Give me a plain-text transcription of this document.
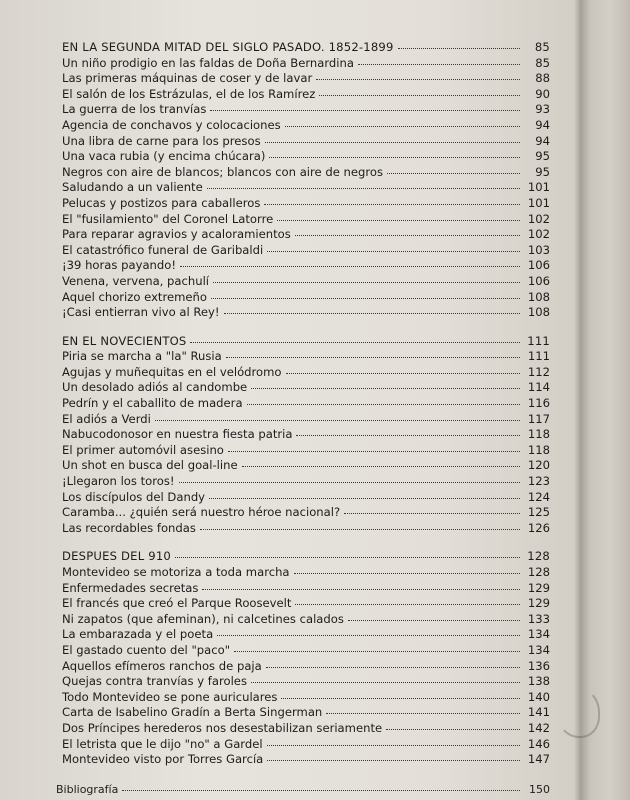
EN LA SEGUNDA MITAD DEL SIGLO PASADO. 1852-1899	85
Un niño prodigio en las faldas de Doña Bernardina	85
Las primeras máquinas de coser y de lavar	88
El salón de los Estrázulas, el de los Ramírez	90
La guerra de los tranvías	93
Agencia de conchavos y colocaciones	94
Una libra de carne para los presos	94
Una vaca rubia (y encima chúcara)	95
Negros con aire de blancos; blancos con aire de negros	95
Saludando a un valiente	101
Pelucas y postizos para caballeros	101
El "fusilamiento" del Coronel Latorre	102
Para reparar agravios y acaloramientos	102
El catastrófico funeral de Garibaldi	103
¡39 horas payando!	106
Venena, vervena, pachulí	106
Aquel chorizo extremeño	108
¡Casi entierran vivo al Rey!	108
EN EL NOVECIENTOS	111
Piria se marcha a "la" Rusia	111
Agujas y muñequitas en el velódromo	112
Un desolado adiós al candombe	114
Pedrín y el caballito de madera	116
El adiós a Verdi	117
Nabucodonosor en nuestra fiesta patria	118
El primer automóvil asesino	118
Un shot en busca del goal-line	120
¡Llegaron los toros!	123
Los discípulos del Dandy	124
Caramba... ¿quién será nuestro héroe nacional?	125
Las recordables fondas	126
DESPUES DEL 910	128
Montevideo se motoriza a toda marcha	128
Enfermedades secretas	129
El francés que creó el Parque Roosevelt	129
Ni zapatos (que afeminan), ni calcetines calados	133
La embarazada y el poeta	134
El gastado cuento del "paco"	134
Aquellos efímeros ranchos de paja	136
Quejas contra tranvías y faroles	138
Todo Montevideo se pone auriculares	140
Carta de Isabelino Gradín a Berta Singerman	141
Dos Príncipes herederos nos desestabilizan seriamente	142
El letrista que le dijo "no" a Gardel	146
Montevideo visto por Torres García	147
Bibliografía	150
